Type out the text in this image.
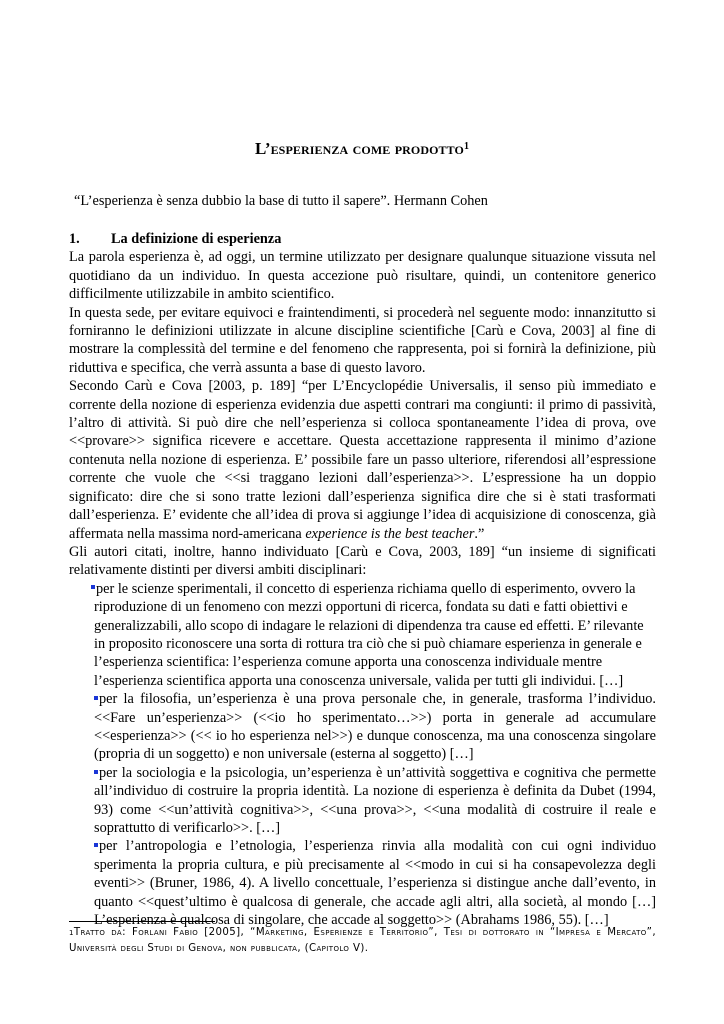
L’esperienza come prodotto$^1$
“L’esperienza è senza dubbio la base di tutto il sapere”. Hermann Cohen

1. La definizione di esperienza

La parola esperienza è, ad oggi, un termine utilizzato per designare qualunque situazione vissuta nel quotidiano da un individuo. In questa accezione può risultare, quindi, un contenitore generico difficilmente utilizzabile in ambito scientifico.

In questa sede, per evitare equivoci e fraintendimenti, si procederà nel seguente modo: innanzitutto si forniranno le definizioni utilizzate in alcune discipline scientifiche [Carù e Cova, 2003] al fine di mostrare la complessità del termine e del fenomeno che rappresenta, poi si fornirà la definizione, più riduttiva e specifica, che verrà assunta a base di questo lavoro.

Secondo Carù e Cova [2003, p. 189] “per L’Encyclopédie Universalis, il senso più immediato e corrente della nozione di esperienza evidenzia due aspetti contrari ma congiunti: il primo di passività, l’altro di attività. Si può dire che nell’esperienza si colloca spontaneamente l’idea di prova, ove <<provare>> significa ricevere e accettare. Questa accettazione rappresenta il minimo d’azione contenuta nella nozione di esperienza. E’ possibile fare un passo ulteriore, riferendosi all’espressione corrente che vuole che <<si traggano lezioni dall’esperienza>>. L’espressione ha un doppio significato: dire che si sono tratte lezioni dall’esperienza significa dire che si è stati trasformati dall’esperienza. E’ evidente che all’idea di prova si aggiunge l’idea di acquisizione di conoscenza, già affermata nella massima nord-americana experience is the best teacher.”

Gli autori citati, inoltre, hanno individuato [Carù e Cova, 2003, 189] “un insieme di significati relativamente distinti per diversi ambiti disciplinari:

per le scienze sperimentali, il concetto di esperienza richiama quello di esperimento, ovvero la riproduzione di un fenomeno con mezzi opportuni di ricerca, fondata su dati e fatti obiettivi e generalizzabili, allo scopo di indagare le relazioni di dipendenza tra cause ed effetti. E’ rilevante in proposito riconoscere una sorta di rottura tra ciò che si può chiamare esperienza in generale e l’esperienza scientifica: l’esperienza comune apporta una conoscenza individuale mentre l’esperienza scientifica apporta una conoscenza universale, valida per tutti gli individui. […]
per la filosofia, un’esperienza è una prova personale che, in generale, trasforma l’individuo. <<Fare un’esperienza>> (<<io ho sperimentato…>>) porta in generale ad accumulare <<esperienza>> (<< io ho esperienza nel>>) e dunque conoscenza, ma una conoscenza singolare (propria di un soggetto) e non universale (esterna al soggetto) […]
per la sociologia e la psicologia, un’esperienza è un’attività soggettiva e cognitiva che permette all’individuo di costruire la propria identità. La nozione di esperienza è definita da Dubet (1994, 93) come <<un’attività cognitiva>>, <<una prova>>, <<una modalità di costruire il reale e soprattutto di verificarlo>>. […]
per l’antropologia e l’etnologia, l’esperienza rinvia alla modalità con cui ogni individuo sperimenta la propria cultura, e più precisamente al <<modo in cui si ha consapevolezza degli eventi>> (Bruner, 1986, 4). A livello concettuale, l’esperienza si distingue anche dall’evento, in quanto <<quest’ultimo è qualcosa di generale, che accade agli altri, alla società, al mondo […] L’esperienza è qualcosa di singolare, che accade al soggetto>> (Abrahams 1986, 55). […]
$^1$Tratto da: Forlani Fabio [2005], “Marketing, Esperienze e Territorio”, Tesi di dottorato in “Impresa e Mercato”, Università degli Studi di Genova, non pubblicata, (Capitolo V).
